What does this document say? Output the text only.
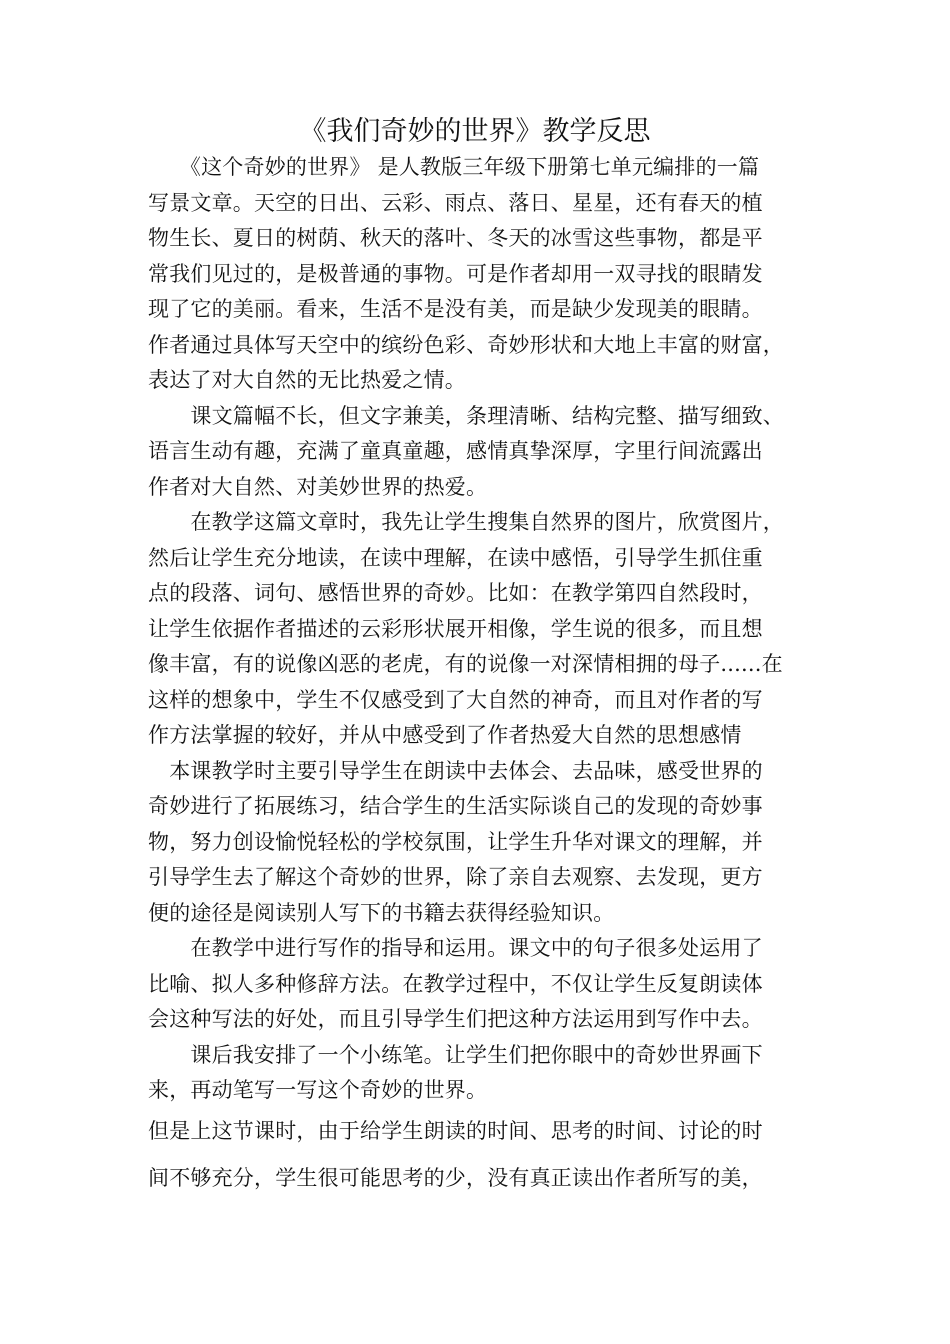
《我们奇妙的世界》教学反思
　　《这个奇妙的世界》 是人教版三年级下册第七单元编排的一篇
写景文章。天空的日出、云彩、雨点、落日、星星，还有春天的植
物生长、夏日的树荫、秋天的落叶、冬天的冰雪这些事物，都是平
常我们见过的，是极普通的事物。可是作者却用一双寻找的眼睛发
现了它的美丽。看来，生活不是没有美，而是缺少发现美的眼睛。
作者通过具体写天空中的缤纷色彩、奇妙形状和大地上丰富的财富，
表达了对大自然的无比热爱之情。
　　课文篇幅不长，但文字兼美，条理清晰、结构完整、描写细致、
语言生动有趣，充满了童真童趣，感情真挚深厚，字里行间流露出
作者对大自然、对美妙世界的热爱。
　　在教学这篇文章时，我先让学生搜集自然界的图片，欣赏图片，
然后让学生充分地读，在读中理解，在读中感悟，引导学生抓住重
点的段落、词句、感悟世界的奇妙。比如：在教学第四自然段时，
让学生依据作者描述的云彩形状展开相像，学生说的很多，而且想
像丰富，有的说像凶恶的老虎，有的说像一对深情相拥的母子......在
这样的想象中，学生不仅感受到了大自然的神奇，而且对作者的写
作方法掌握的较好，并从中感受到了作者热爱大自然的思想感情
　本课教学时主要引导学生在朗读中去体会、去品味，感受世界的
奇妙进行了拓展练习，结合学生的生活实际谈自己的发现的奇妙事
物，努力创设愉悦轻松的学校氛围，让学生升华对课文的理解，并
引导学生去了解这个奇妙的世界，除了亲自去观察、去发现，更方
便的途径是阅读别人写下的书籍去获得经验知识。
　　在教学中进行写作的指导和运用。课文中的句子很多处运用了
比喻、拟人多种修辞方法。在教学过程中，不仅让学生反复朗读体
会这种写法的好处，而且引导学生们把这种方法运用到写作中去。
　　课后我安排了一个小练笔。让学生们把你眼中的奇妙世界画下
来，再动笔写一写这个奇妙的世界。
但是上这节课时，由于给学生朗读的时间、思考的时间、讨论的时
间不够充分，学生很可能思考的少，没有真正读出作者所写的美，
